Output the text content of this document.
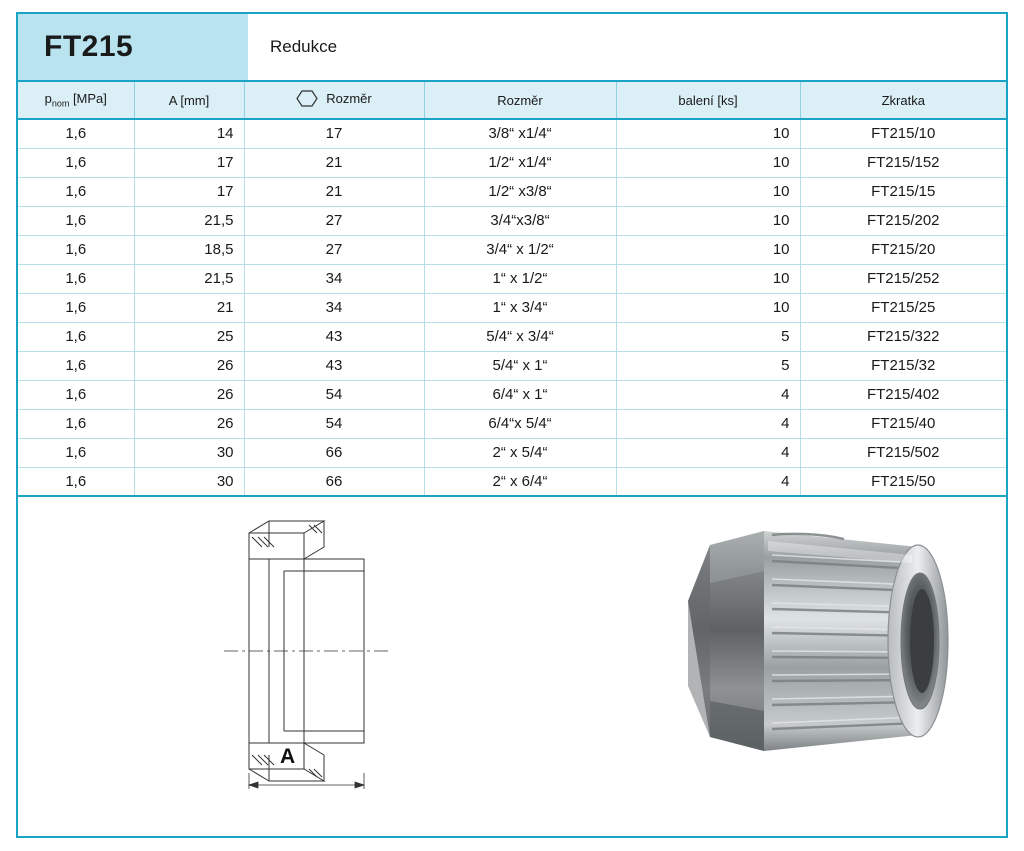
FT215	Redukce
$p_{nom}$ [MPa]	A [mm]	Rozměr	Rozměr	balení [ks]	Zkratka
1,6	14	17	3/8“ x1/4“	10	FT215/10
1,6	17	21	1/2“ x1/4“	10	FT215/152
1,6	17	21	1/2“ x3/8“	10	FT215/15
1,6	21,5	27	3/4“x3/8“	10	FT215/202
1,6	18,5	27	3/4“ x 1/2“	10	FT215/20
1,6	21,5	34	1“ x 1/2“	10	FT215/252
1,6	21	34	1“ x 3/4“	10	FT215/25
1,6	25	43	5/4“ x 3/4“	5	FT215/322
1,6	26	43	5/4“ x 1“	5	FT215/32
1,6	26	54	6/4“ x 1“	4	FT215/402
1,6	26	54	6/4“x 5/4“	4	FT215/40
1,6	30	66	2“ x 5/4“	4	FT215/502
1,6	30	66	2“ x 6/4“	4	FT215/50
A
